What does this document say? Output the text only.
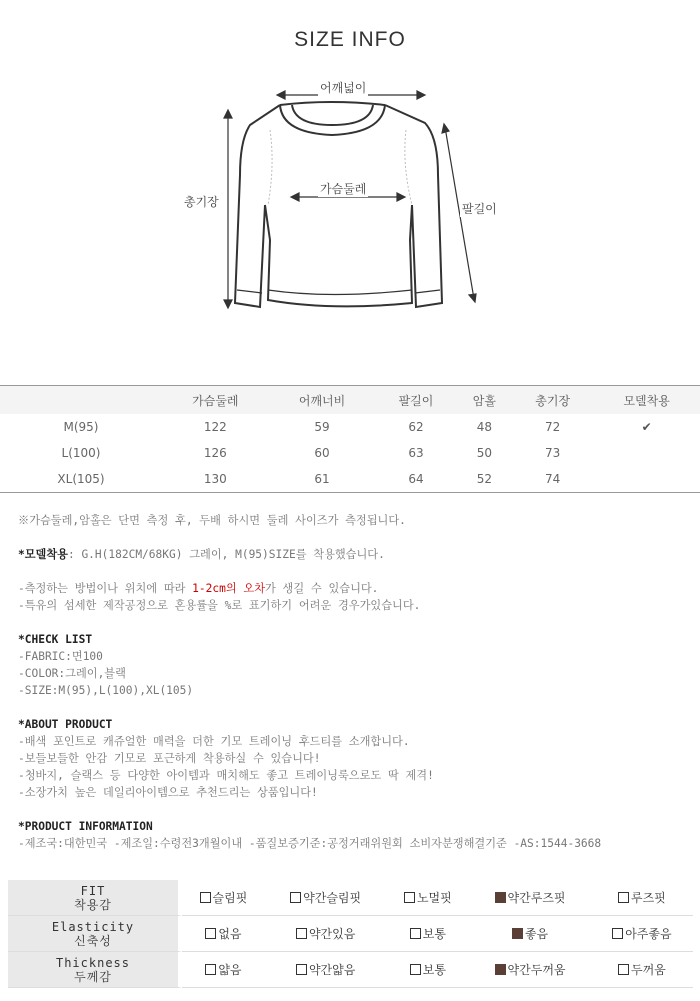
SIZE INFO
어깨넓이
가슴둘레
총기장	팔길이
	가슴둘레	어깨너비	팔길이	암홀	총기장	모델착용
M(95)	122	59	62	48	72	✔
L(100)	126	60	63	50	73	
XL(105)	130	61	64	52	74	

※가슴둘레,암홀은 단면 측정 후, 두배 하시면 둘레 사이즈가 측정됩니다.

*모델착용: G.H(182CM/68KG) 그레이, M(95)SIZE를 착용했습니다.

-측정하는 방법이나 위치에 따라 1-2cm의 오차가 생길 수 있습니다.

-특유의 섬세한 제작공정으로 혼용률을 %로 표기하기 어려운 경우가있습니다.

*CHECK LIST

-FABRIC:면100

-COLOR:그레이,블랙

-SIZE:M(95),L(100),XL(105)

*ABOUT PRODUCT

-배색 포인트로 캐쥬얼한 매력을 더한 기모 트레이닝 후드티를 소개합니다.

-보들보들한 안감 기모로 포근하게 착용하실 수 있습니다!

-청바지, 슬랙스 등 다양한 아이템과 매치해도 좋고 트레이닝룩으로도 딱 제격!

-소장가치 높은 데일리아이템으로 추천드리는 상품입니다!

*PRODUCT INFORMATION

-제조국:대한민국 -제조일:수령전3개월이내 -품질보증기준:공정거래위원회 소비자분쟁해결기준 -AS:1544-3668

FIT
착용감	슬림핏	약간슬림핏	노멀핏	약간루즈핏	루즈핏

Elasticity
신축성	없음	약간있음	보통	좋음	아주좋음

Thickness
두께감	얇음	약간얇음	보통	약간두꺼움	두꺼움
